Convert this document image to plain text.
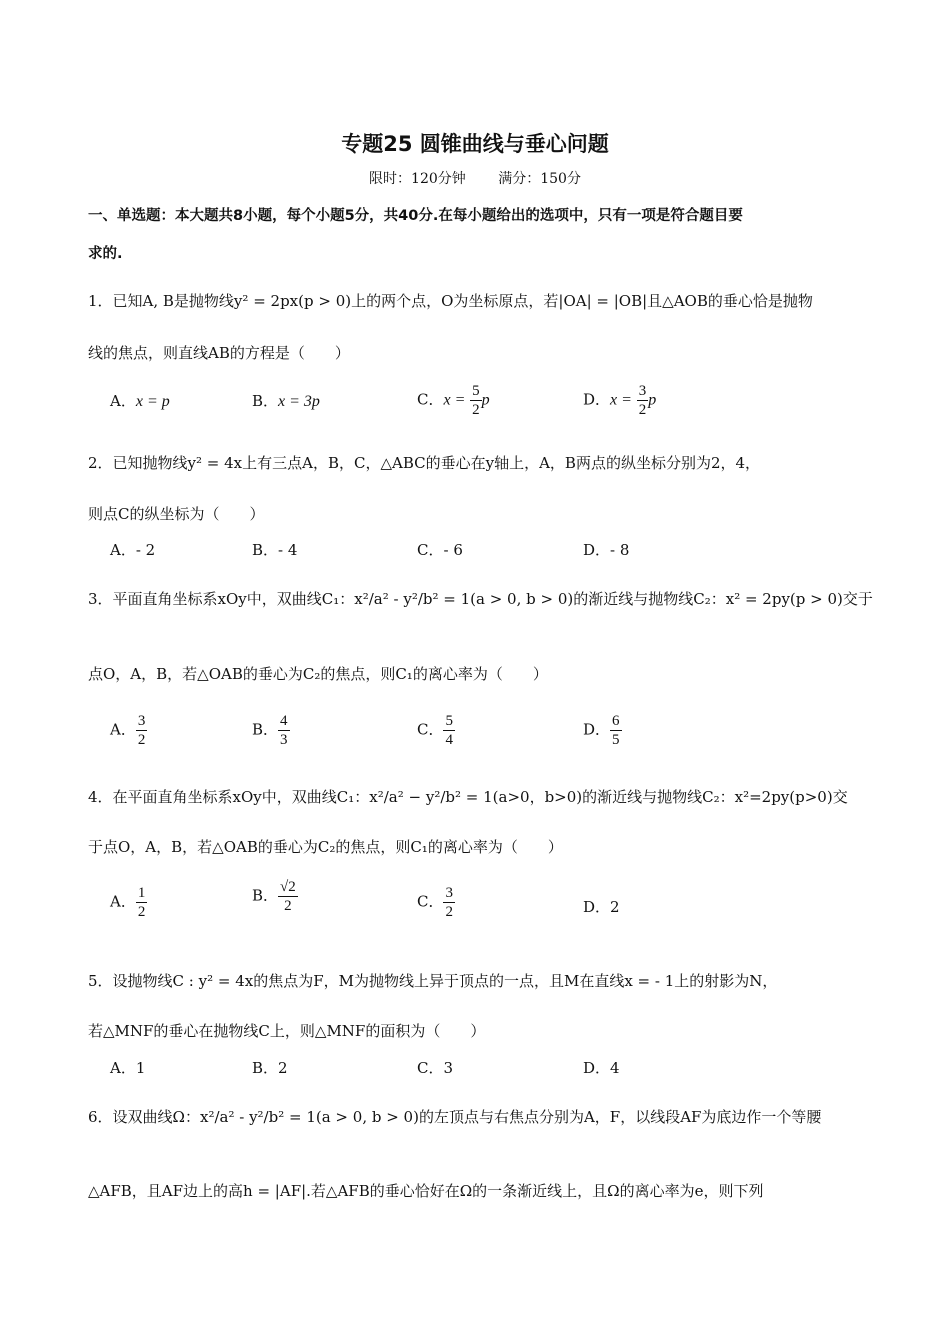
专题25 圆锥曲线与垂心问题
限时：120分钟 满分：150分
一、单选题：本大题共8小题，每个小题5分，共40分.在每小题给出的选项中，只有一项是符合题目要
求的.
1．已知A, B是抛物线y² = 2px(p > 0)上的两个点，O为坐标原点，若|OA| = |OB|且△AOB的垂心恰是抛物
线的焦点，则直线AB的方程是（　　）
A．x = p	B．x = 3p	C．$x = \frac{5}{2}$ p	D．$x = \frac{3}{2}$ p
2．已知抛物线y² = 4x上有三点A，B，C，△ABC的垂心在y轴上，A，B两点的纵坐标分别为2，4，
则点C的纵坐标为（　　）
A．- 2	B．- 4	C．- 6	D．- 8
3．平面直角坐标系xOy中，双曲线C₁：x²/a² - y²/b² = 1(a > 0, b > 0)的渐近线与抛物线C₂：x² = 2py(p > 0)交于
点O，A，B，若△OAB的垂心为C₂的焦点，则C₁的离心率为（　　）
A． $\frac{3}{2}$	B． $\frac{4}{3}$	C． $\frac{5}{4}$	D． $\frac{6}{5}$
4．在平面直角坐标系xOy中，双曲线C₁：x²/a² − y²/b² = 1(a>0，b>0)的渐近线与抛物线C₂：x²=2py(p>0)交
于点O，A，B，若△OAB的垂心为C₂的焦点，则C₁的离心率为（　　）
A． $\frac{1}{2}$	B． $\frac{√2}{2}$	C． $\frac{3}{2}$	D．2
5．设抛物线C : y² = 4x的焦点为F，M为抛物线上异于顶点的一点，且M在直线x = - 1上的射影为N，
若△MNF的垂心在抛物线C上，则△MNF的面积为（　　）
A．1	B．2	C．3	D．4
6．设双曲线Ω：x²/a² - y²/b² = 1(a > 0, b > 0)的左顶点与右焦点分别为A，F，以线段AF为底边作一个等腰
△AFB，且AF边上的高h = |AF|.若△AFB的垂心恰好在Ω的一条渐近线上，且Ω的离心率为e，则下列
